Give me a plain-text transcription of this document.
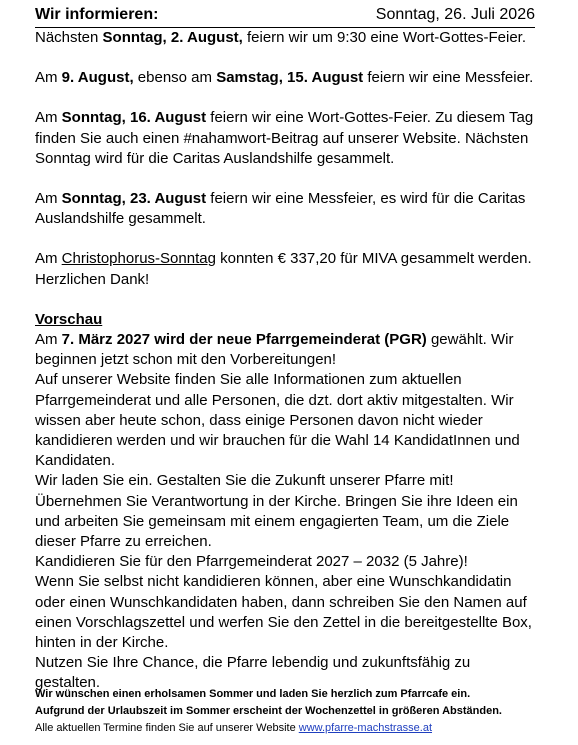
Wir informieren:	Sonntag, 26. Juli 2026

Nächsten Sonntag, 2. August, feiern wir um 9:30 eine Wort-Gottes-Feier.

Am 9. August, ebenso am Samstag, 15. August feiern wir eine Messfeier.

Am Sonntag, 16. August feiern wir eine Wort-Gottes-Feier. Zu diesem Tag finden Sie auch einen #nahamwort-Beitrag auf unserer Website. Nächsten Sonntag wird für die Caritas Auslandshilfe gesammelt.

Am Sonntag, 23. August feiern wir eine Messfeier, es wird für die Caritas Auslandshilfe gesammelt.

Am Christophorus-Sonntag konnten € 337,20 für MIVA gesammelt werden. Herzlichen Dank!

Vorschau

Am 7. März 2027 wird der neue Pfarrgemeinderat (PGR) gewählt. Wir beginnen jetzt schon mit den Vorbereitungen!

Auf unserer Website finden Sie alle Informationen zum aktuellen Pfarrgemeinderat und alle Personen, die dzt. dort aktiv mitgestalten. Wir wissen aber heute schon, dass einige Personen davon nicht wieder kandidieren werden und wir brauchen für die Wahl 14 KandidatInnen und Kandidaten.

Wir laden Sie ein. Gestalten Sie die Zukunft unserer Pfarre mit! Übernehmen Sie Verantwortung in der Kirche. Bringen Sie ihre Ideen ein und arbeiten Sie gemeinsam mit einem engagierten Team, um die Ziele dieser Pfarre zu erreichen.

Kandidieren Sie für den Pfarrgemeinderat 2027 – 2032 (5 Jahre)!

Wenn Sie selbst nicht kandidieren können, aber eine Wunschkandidatin oder einen Wunschkandidaten haben, dann schreiben Sie den Namen auf einen Vorschlagszettel und werfen Sie den Zettel in die bereitgestellte Box, hinten in der Kirche.

Nutzen Sie Ihre Chance, die Pfarre lebendig und zukunftsfähig zu gestalten.

Wir wünschen einen erholsamen Sommer und laden Sie herzlich zum Pfarrcafe ein.
Aufgrund der Urlaubszeit im Sommer erscheint der Wochenzettel in größeren Abständen.
Alle aktuellen Termine finden Sie auf unserer Website www.pfarre-machstrasse.at
